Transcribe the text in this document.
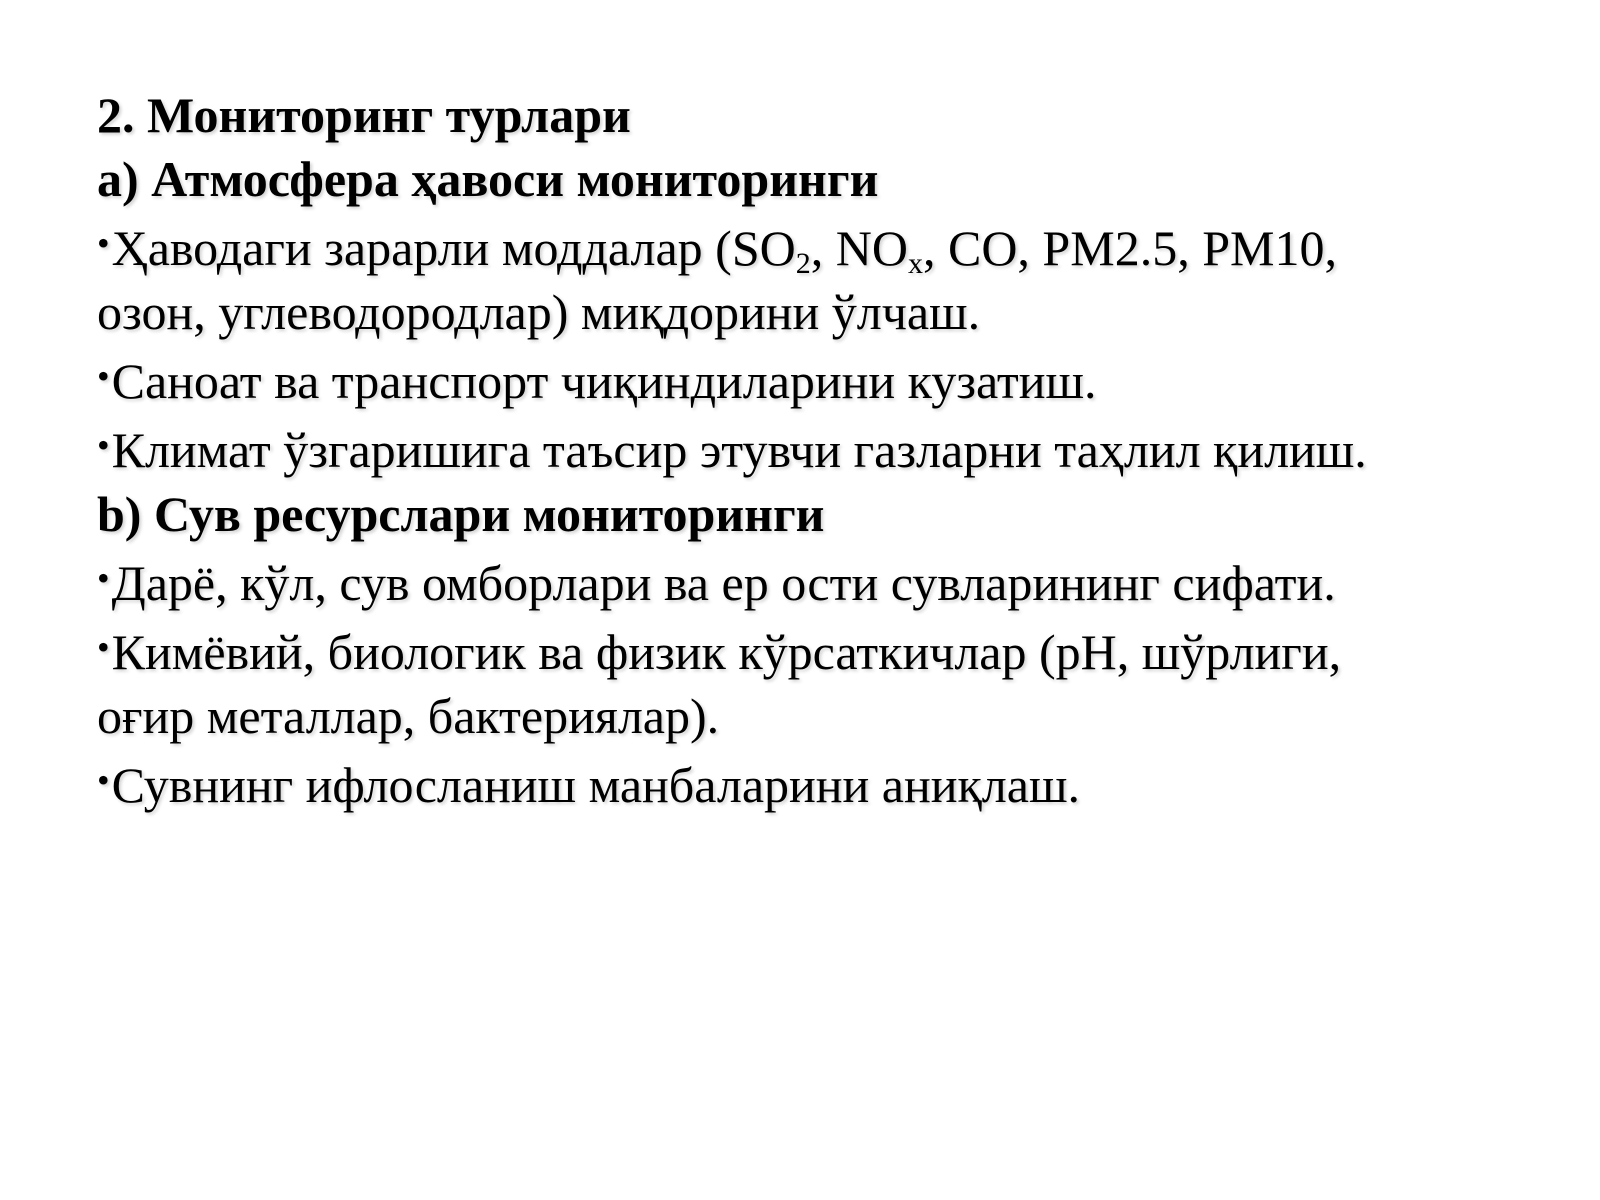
2. Мониторинг турлари
a) Атмосфера ҳавоси мониторинги
•Ҳаводаги зарарли моддалар ($SO_2$, $NO_x$, CO, PM2.5, PM10,
озон, углеводородлар) миқдорини ўлчаш.
•Саноат ва транспорт чиқиндиларини кузатиш.
•Климат ўзгаришига таъсир этувчи газларни таҳлил қилиш.
b) Сув ресурслари мониторинги
•Дарё, кўл, сув омборлари ва ер ости сувларининг сифати.
•Кимёвий, биологик ва физик кўрсаткичлар (pH, шўрлиги,
оғир металлар, бактериялар).
•Сувнинг ифлосланиш манбаларини аниқлаш.
